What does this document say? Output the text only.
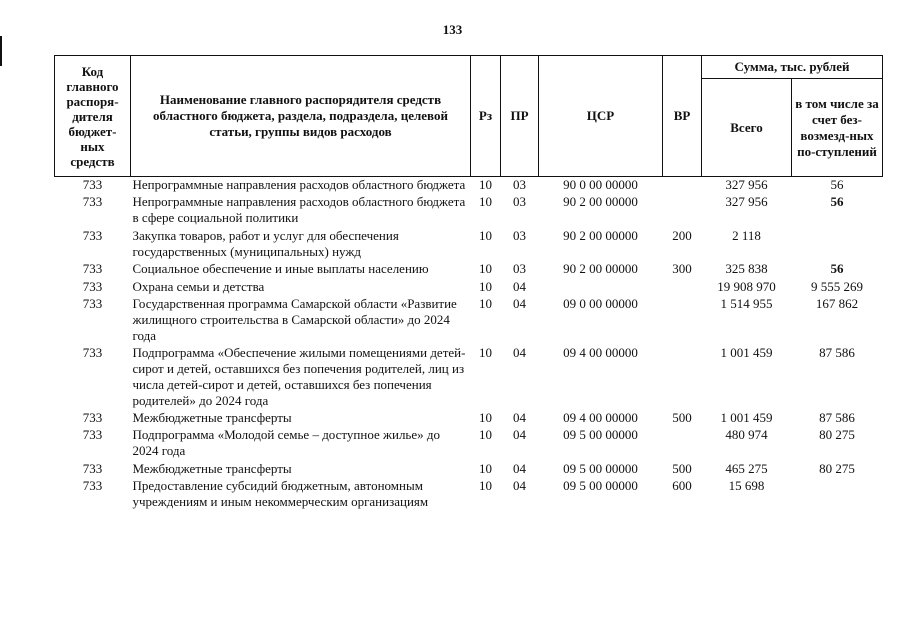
133
Код главного распоря-дителя бюджет-ных средств	Наименование главного распорядителя средств областного бюджета, раздела, подраздела, целевой статьи, группы видов расходов	Рз	ПР	ЦСР	ВР	Сумма, тыс. рублей	
						Всего	в том числе за счет без-возмезд-ных по-ступлений
733	Непрограммные направления расходов областного бюджета	10	03	90 0 00 00000		327 956	56
733	Непрограммные направления расходов областного бюджета в сфере социальной политики	10	03	90 2 00 00000		327 956	56
733	Закупка товаров, работ и услуг для обеспечения государственных (муниципальных) нужд	10	03	90 2 00 00000	200	2 118	
733	Социальное обеспечение и иные выплаты населению	10	03	90 2 00 00000	300	325 838	56
733	Охрана семьи и детства	10	04			19 908 970	9 555 269
733	Государственная программа Самарской области «Развитие жилищного строительства в Самарской области» до 2024 года	10	04	09 0 00 00000		1 514 955	167 862
733	Подпрограмма «Обеспечение жилыми помещениями детей-сирот и детей, оставшихся без попечения родителей, лиц из числа детей-сирот и детей, оставшихся без попечения родителей» до 2024 года	10	04	09 4 00 00000		1 001 459	87 586
733	Межбюджетные трансферты	10	04	09 4 00 00000	500	1 001 459	87 586
733	Подпрограмма «Молодой семье – доступное жилье» до 2024 года	10	04	09 5 00 00000		480 974	80 275
733	Межбюджетные трансферты	10	04	09 5 00 00000	500	465 275	80 275
733	Предоставление субсидий бюджетным, автономным учреждениям и иным некоммерческим организациям	10	04	09 5 00 00000	600	15 698	
